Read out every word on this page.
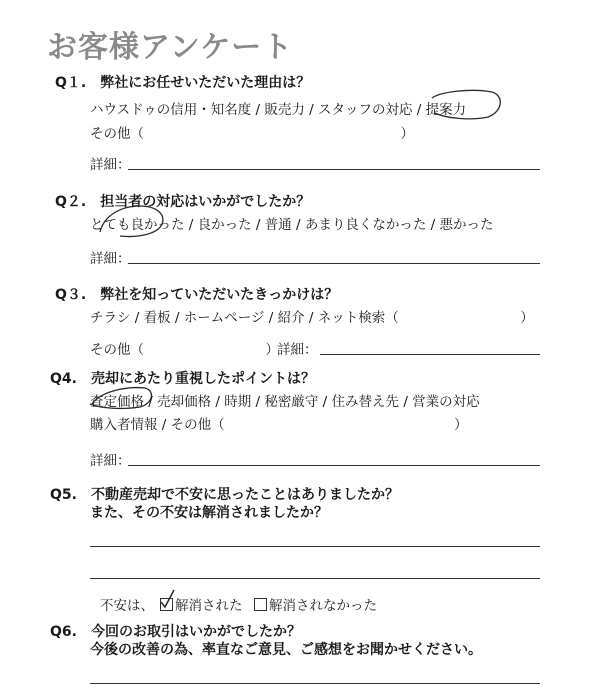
お客様アンケート
Q１.　弊社にお任せいただいた理由は？
ハウスドゥの信用・知名度 / 販売力 / スタッフの対応 / 提案力
その他（　　　　　　　　　　　　　　　　　　　）
詳細：
Q２.　担当者の対応はいかがでしたか？
とても良かった / 良かった / 普通 / あまり良くなかった / 悪かった
詳細：
Q３.　弊社を知っていただいたきっかけは？
チラシ / 看板 / ホームページ / 紹介 / ネット検索（　　　　　　　　　）
その他（　　　　　　　　　）
詳細：
Q4.　売却にあたり重視したポイントは？
査定価格 / 売却価格 / 時期 / 秘密厳守 / 住み替え先 / 営業の対応
購入者情報 / その他（　　　　　　　　　　　　　　　　　）
詳細：
Q5.　不動産売却で不安に思ったことはありましたか？
また、その不安は解消されましたか？
不安は、	解消された	解消されなかった
Q6.　今回のお取引はいかがでしたか？
今後の改善の為、率直なご意見、ご感想をお聞かせください。
